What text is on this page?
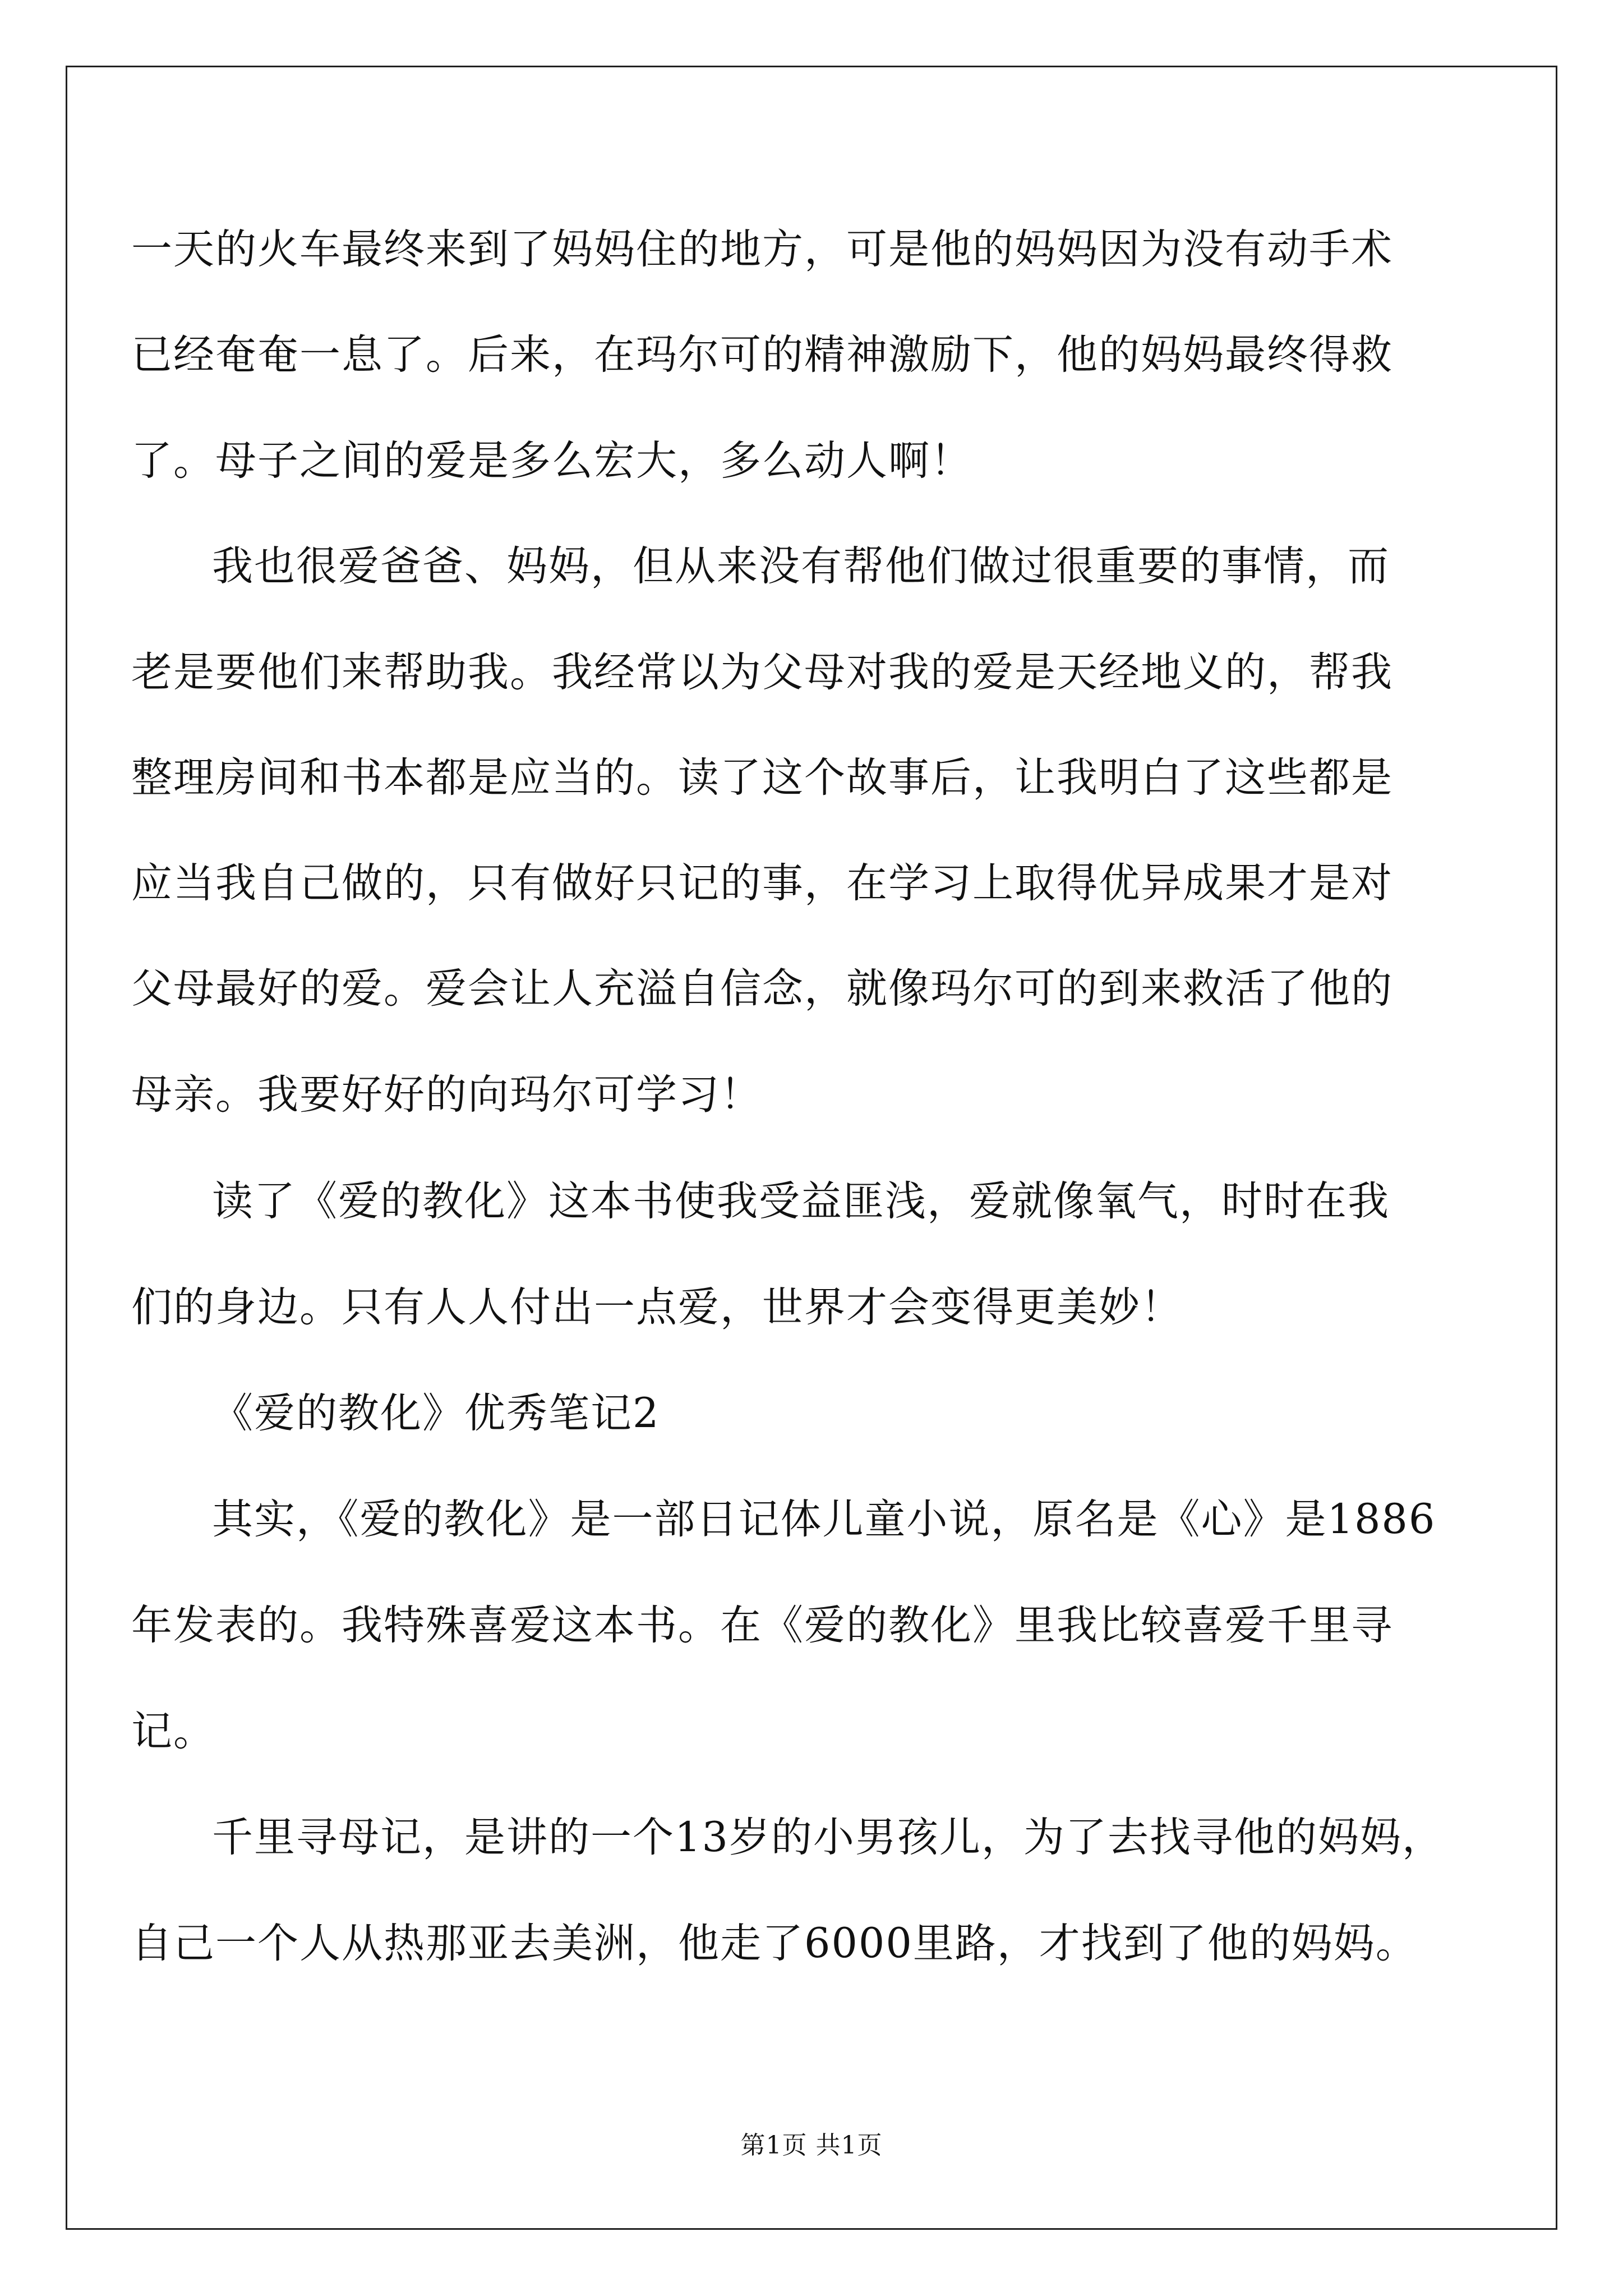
一天的火车最终来到了妈妈住的地方，可是他的妈妈因为没有动手术
已经奄奄一息了。后来，在玛尔可的精神激励下，他的妈妈最终得救
了。母子之间的爱是多么宏大，多么动人啊！
我也很爱爸爸、妈妈，但从来没有帮他们做过很重要的事情，而
老是要他们来帮助我。我经常以为父母对我的爱是天经地义的，帮我
整理房间和书本都是应当的。读了这个故事后，让我明白了这些都是
应当我自己做的，只有做好只记的事，在学习上取得优异成果才是对
父母最好的爱。爱会让人充溢自信念，就像玛尔可的到来救活了他的
母亲。我要好好的向玛尔可学习！
读了《爱的教化》这本书使我受益匪浅，爱就像氧气，时时在我
们的身边。只有人人付出一点爱，世界才会变得更美妙！
《爱的教化》优秀笔记2
其实，《爱的教化》是一部日记体儿童小说，原名是《心》是1886
年发表的。我特殊喜爱这本书。在《爱的教化》里我比较喜爱千里寻
记。
千里寻母记，是讲的一个13岁的小男孩儿，为了去找寻他的妈妈，
自己一个人从热那亚去美洲，他走了6000里路，才找到了他的妈妈。
第1页 共1页
